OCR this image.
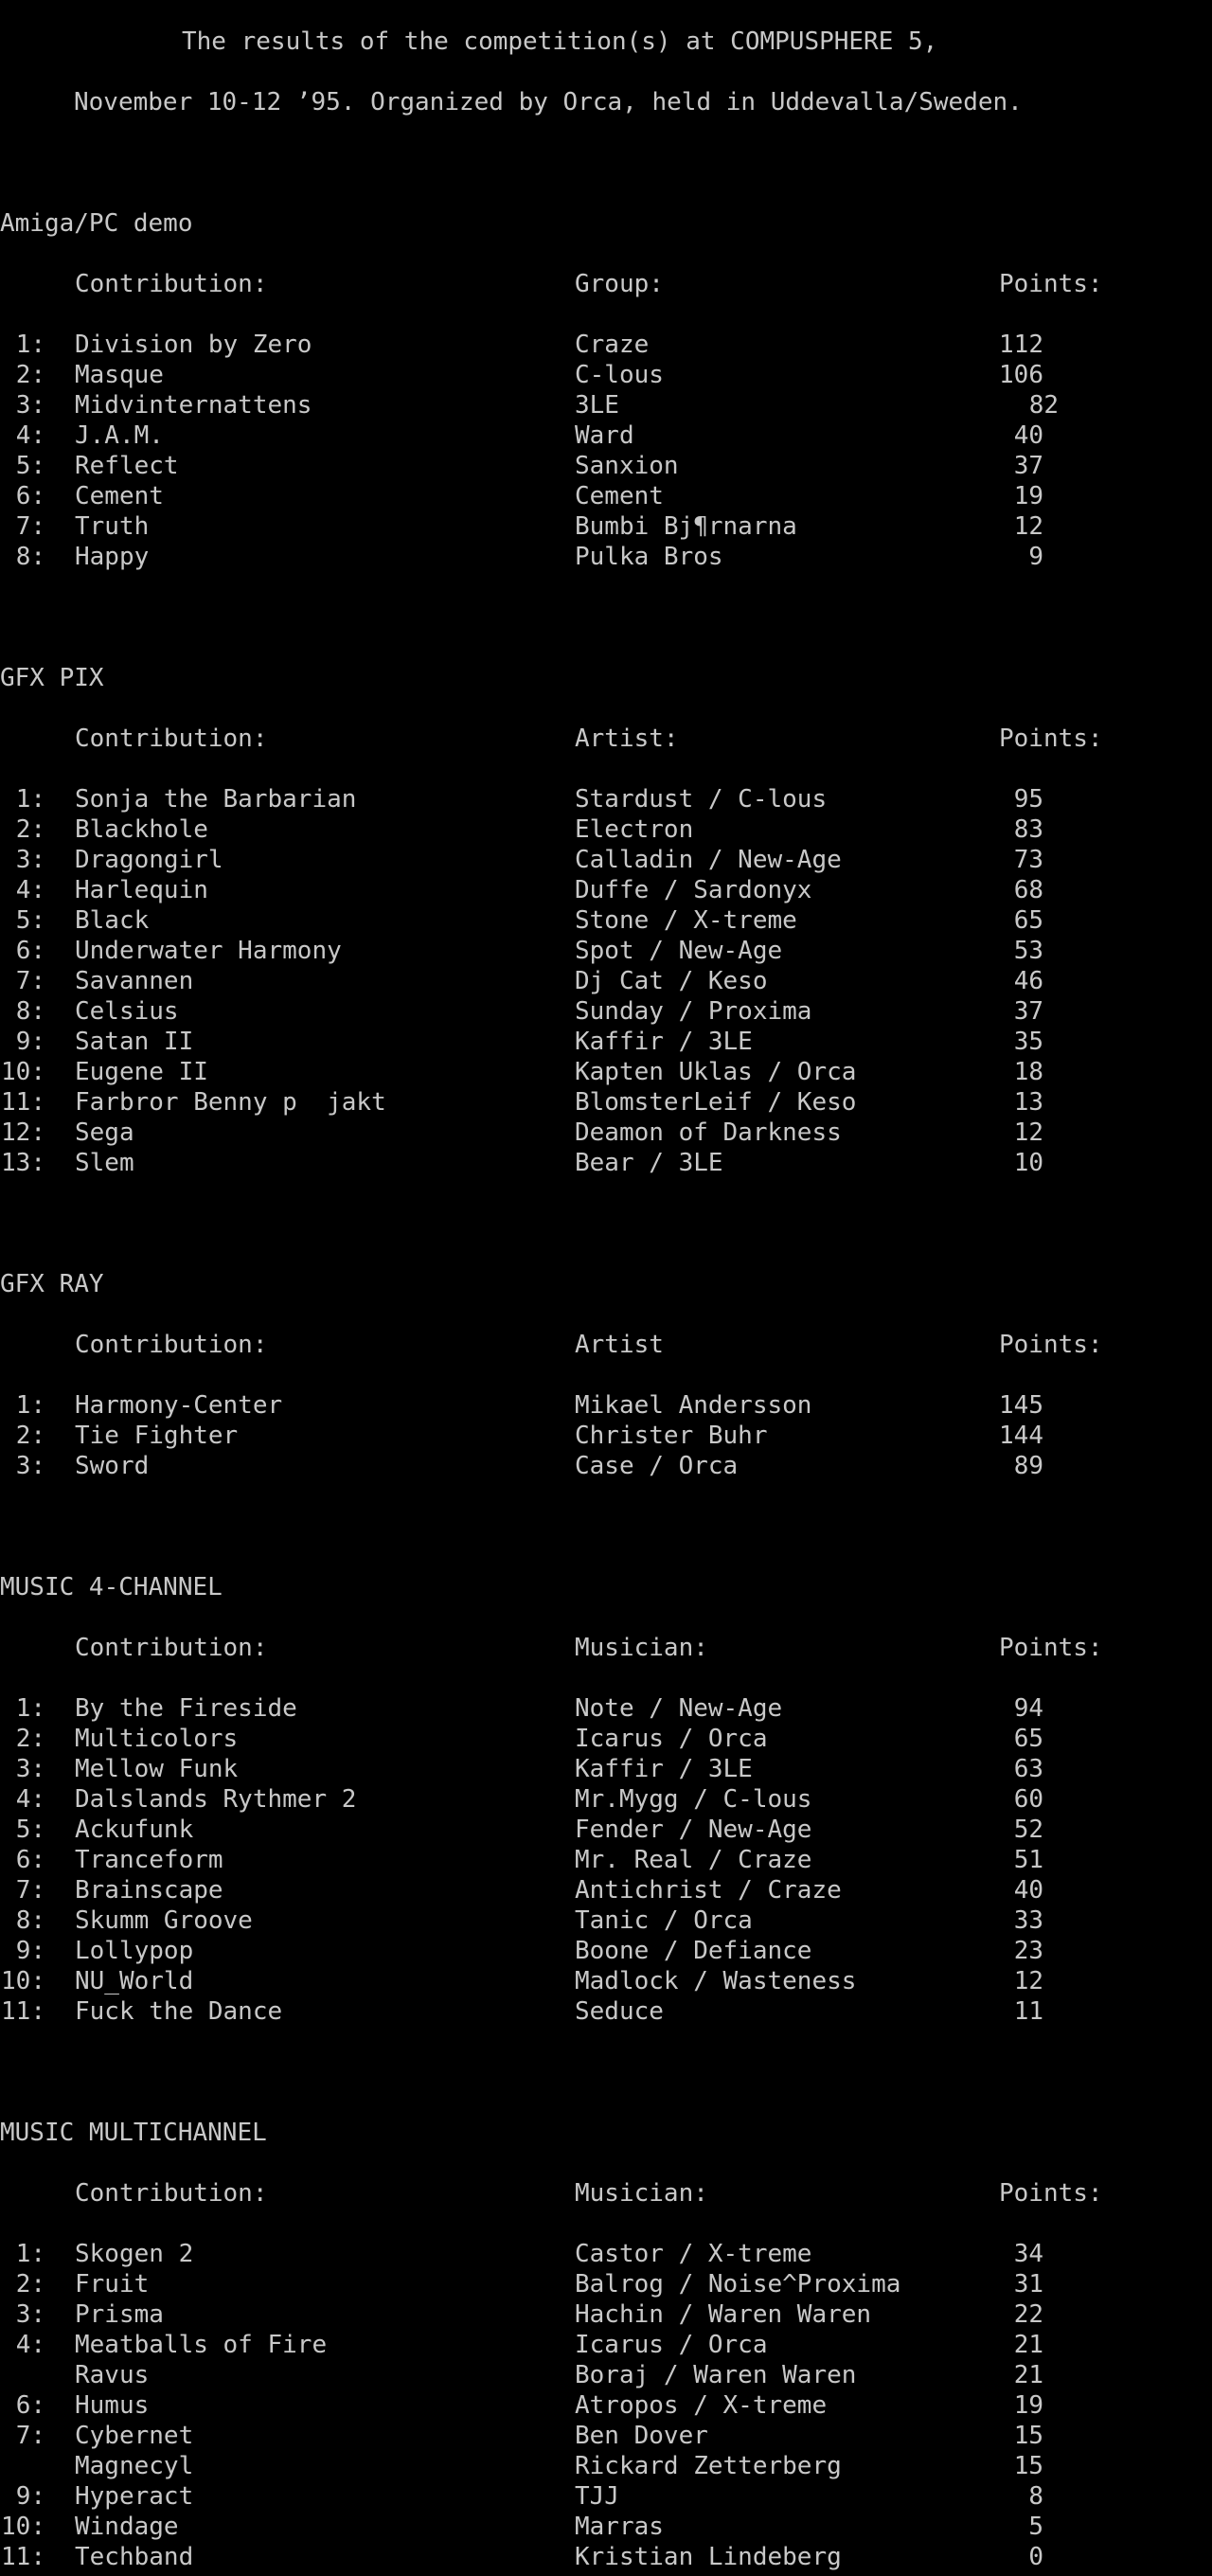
The results of the competition(s) at COMPUSPHERE 5,
November 10-12 ’95. Organized by Orca, held in Uddevalla/Sweden.
Amiga/PC demo
Contribution:	Group:	Points:
1: Division by Zero	Craze	112
2: Masque	C-lous	106
3: Midvinternattens	3LE	82
4: J.A.M.	Ward	40
5: Reflect	Sanxion	37
6: Cement	Cement	19
7: Truth	Bumbi Bj¶rnarna	12
8: Happy	Pulka Bros	9
GFX PIX
Contribution:	Artist:	Points:
1: Sonja the Barbarian	Stardust / C-lous	95
2: Blackhole	Electron	83
3: Dragongirl	Calladin / New-Age	73
4: Harlequin	Duffe / Sardonyx	68
5: Black	Stone / X-treme	65
6: Underwater Harmony	Spot / New-Age	53
7: Savannen	Dj Cat / Keso	46
8: Celsius	Sunday / Proxima	37
9: Satan II	Kaffir / 3LE	35
10: Eugene II	Kapten Uklas / Orca	18
11: Farbror Benny p  jakt	BlomsterLeif / Keso	13
12: Sega	Deamon of Darkness	12
13: Slem	Bear / 3LE	10
GFX RAY
Contribution:	Artist	Points:
1: Harmony-Center	Mikael Andersson	145
2: Tie Fighter	Christer Buhr	144
3: Sword	Case / Orca	89
MUSIC 4-CHANNEL
Contribution:	Musician:	Points:
1: By the Fireside	Note / New-Age	94
2: Multicolors	Icarus / Orca	65
3: Mellow Funk	Kaffir / 3LE	63
4: Dalslands Rythmer 2	Mr.Mygg / C-lous	60
5: Ackufunk	Fender / New-Age	52
6: Tranceform	Mr. Real / Craze	51
7: Brainscape	Antichrist / Craze	40
8: Skumm Groove	Tanic / Orca	33
9: Lollypop	Boone / Defiance	23
10: NU_World	Madlock / Wasteness	12
11: Fuck the Dance	Seduce	11
MUSIC MULTICHANNEL
Contribution:	Musician:	Points:
1: Skogen 2	Castor / X-treme	34
2: Fruit	Balrog / Noise^Proxima	31
3: Prisma	Hachin / Waren Waren	22
4: Meatballs of Fire	Icarus / Orca	21
Ravus	Boraj / Waren Waren	21
6: Humus	Atropos / X-treme	19
7: Cybernet	Ben Dover	15
Magnecyl	Rickard Zetterberg	15
9: Hyperact	TJJ	8
10: Windage	Marras	5
11: Techband	Kristian Lindeberg	0
